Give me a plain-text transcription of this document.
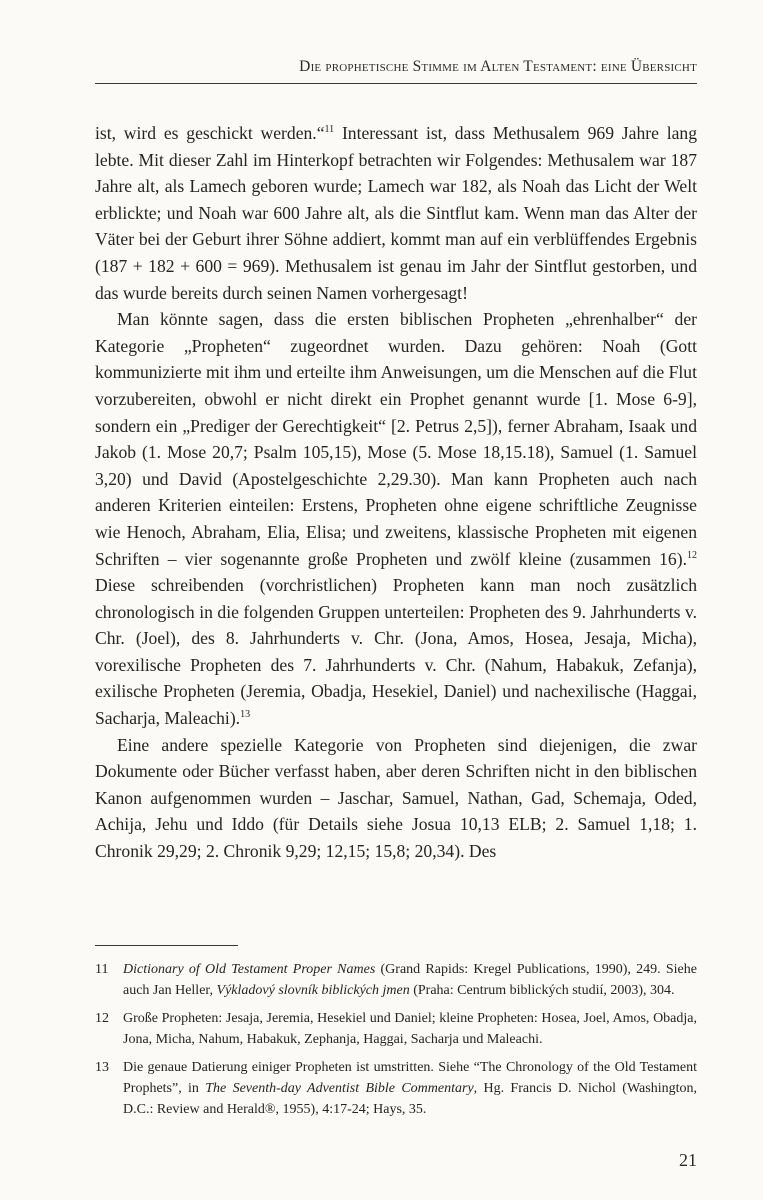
Die prophetische Stimme im Alten Testament: eine Übersicht

ist, wird es geschickt werden.“$^{11}$ Interessant ist, dass Methusalem 969 Jahre lang lebte. Mit dieser Zahl im Hinterkopf betrachten wir Folgendes: Methusalem war 187 Jahre alt, als Lamech geboren wurde; Lamech war 182, als Noah das Licht der Welt erblickte; und Noah war 600 Jahre alt, als die Sintflut kam. Wenn man das Alter der Väter bei der Geburt ihrer Söhne addiert, kommt man auf ein verblüffendes Ergebnis (187 + 182 + 600 = 969). Methusalem ist genau im Jahr der Sintflut gestorben, und das wurde bereits durch seinen Namen vorhergesagt!

Man könnte sagen, dass die ersten biblischen Propheten „ehrenhalber“ der Kategorie „Propheten“ zugeordnet wurden. Dazu gehören: Noah (Gott kommunizierte mit ihm und erteilte ihm Anweisungen, um die Menschen auf die Flut vorzubereiten, obwohl er nicht direkt ein Prophet genannt wurde [1. Mose 6-9], sondern ein „Prediger der Gerechtigkeit“ [2. Petrus 2,5]), ferner Abraham, Isaak und Jakob (1. Mose 20,7; Psalm 105,15), Mose (5. Mose 18,15.18), Samuel (1. Samuel 3,20) und David (Apostelgeschichte 2,29.30). Man kann Propheten auch nach anderen Kriterien einteilen: Erstens, Propheten ohne eigene schriftliche Zeugnisse wie Henoch, Abraham, Elia, Elisa; und zweitens, klassische Propheten mit eigenen Schriften – vier sogenannte große Propheten und zwölf kleine (zusammen 16).$^{12}$ Diese schreibenden (vorchristlichen) Propheten kann man noch zusätzlich chronologisch in die folgenden Gruppen unterteilen: Propheten des 9. Jahrhunderts v. Chr. (Joel), des 8. Jahrhunderts v. Chr. (Jona, Amos, Hosea, Jesaja, Micha), vorexilische Propheten des 7. Jahrhunderts v. Chr. (Nahum, Habakuk, Zefanja), exilische Propheten (Jeremia, Obadja, Hesekiel, Daniel) und nachexilische (Haggai, Sacharja, Maleachi).$^{13}$

Eine andere spezielle Kategorie von Propheten sind diejenigen, die zwar Dokumente oder Bücher verfasst haben, aber deren Schriften nicht in den biblischen Kanon aufgenommen wurden – Jaschar, Samuel, Nathan, Gad, Schemaja, Oded, Achija, Jehu und Iddo (für Details siehe Josua 10,13 ELB; 2. Samuel 1,18; 1. Chronik 29,29; 2. Chronik 9,29; 12,15; 15,8; 20,34). Des

11	Dictionary of Old Testament Proper Names (Grand Rapids: Kregel Publications, 1990), 249. Siehe auch Jan Heller, Výkladový slovník biblických jmen (Praha: Centrum biblických studií, 2003), 304.
12	Große Propheten: Jesaja, Jeremia, Hesekiel und Daniel; kleine Propheten: Hosea, Joel, Amos, Obadja, Jona, Micha, Nahum, Habakuk, Zephanja, Haggai, Sacharja und Maleachi.
13	Die genaue Datierung einiger Propheten ist umstritten. Siehe “The Chronology of the Old Testament Prophets”, in The Seventh-day Adventist Bible Commentary, Hg. Francis D. Nichol (Washington, D.C.: Review and Herald®, 1955), 4:17-24; Hays, 35.
21
